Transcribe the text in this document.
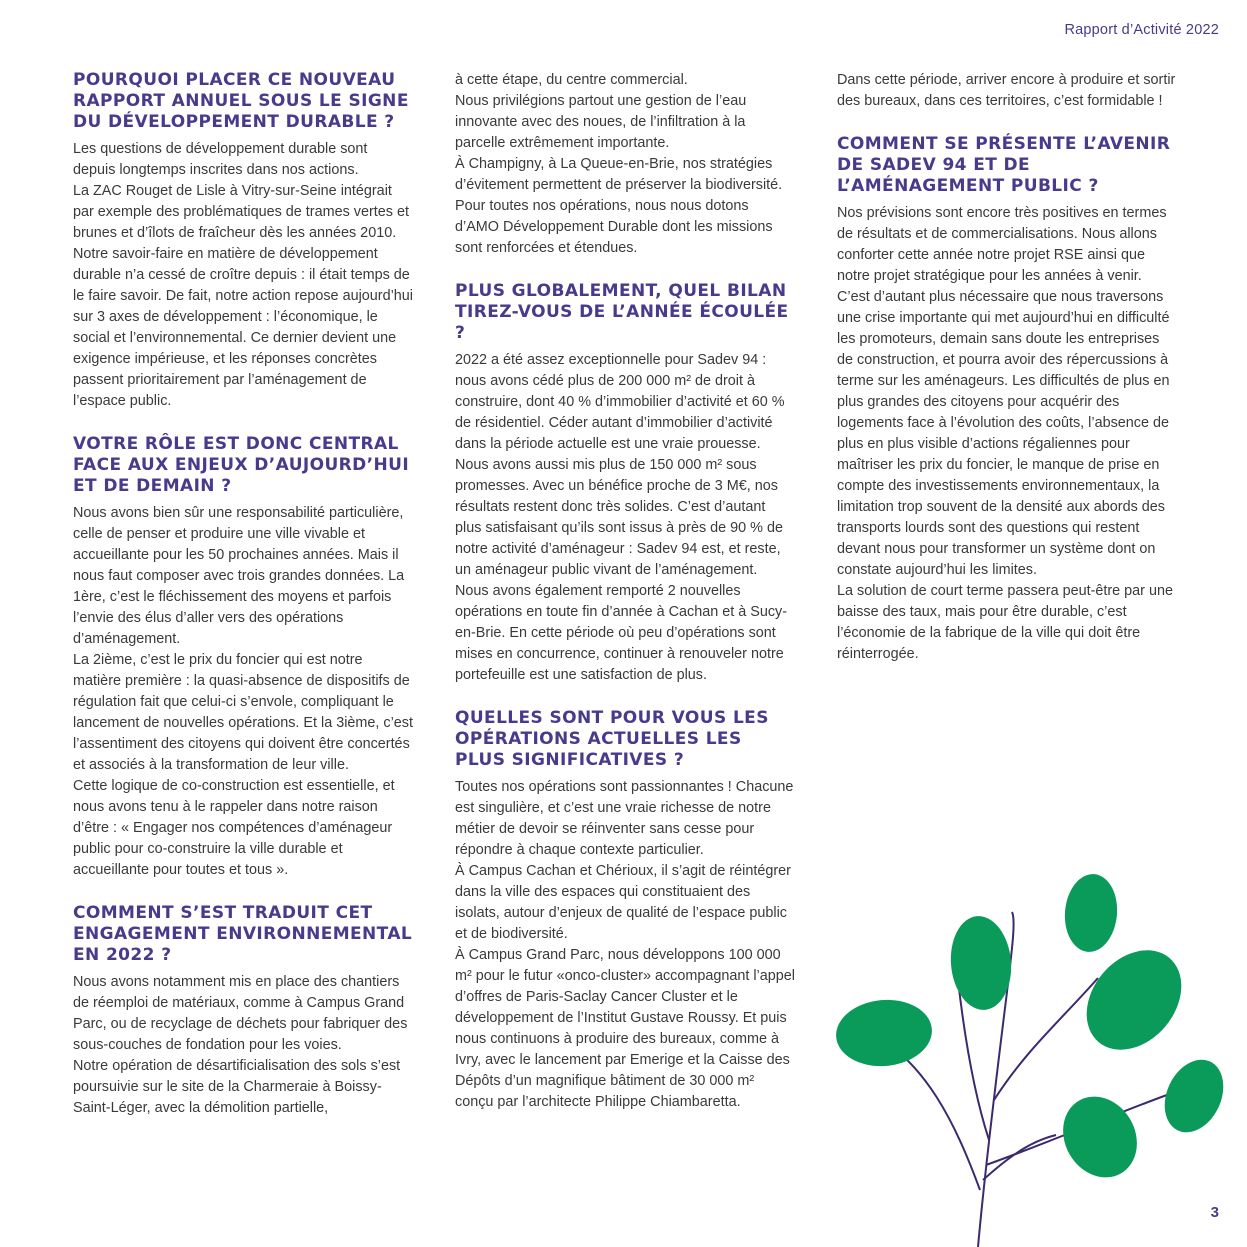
Rapport d’Activité 2022
POURQUOI PLACER CE NOUVEAU RAPPORT ANNUEL SOUS LE SIGNE DU DÉVELOPPEMENT DURABLE ?

Les questions de développement durable sont depuis longtemps inscrites dans nos actions.

La ZAC Rouget de Lisle à Vitry-sur-Seine intégrait par exemple des problématiques de trames vertes et brunes et d’îlots de fraîcheur dès les années 2010. Notre savoir-faire en matière de développement durable n’a cessé de croître depuis : il était temps de le faire savoir. De fait, notre action repose aujourd’hui sur 3 axes de développement : l’économique, le social et l’environnemental. Ce dernier devient une exigence impérieuse, et les réponses concrètes passent prioritairement par l’aménagement de l’espace public.

VOTRE RÔLE EST DONC CENTRAL FACE AUX ENJEUX D’AUJOURD’HUI ET DE DEMAIN ?

Nous avons bien sûr une responsabilité particulière, celle de penser et produire une ville vivable et accueillante pour les 50 prochaines années. Mais il nous faut composer avec trois grandes données. La 1ère, c’est le fléchissement des moyens et parfois l’envie des élus d’aller vers des opérations d’aménagement.

La 2ième, c’est le prix du foncier qui est notre matière première : la quasi-absence de dispositifs de régulation fait que celui-ci s’envole, compliquant le lancement de nouvelles opérations. Et la 3ième, c’est l’assentiment des citoyens qui doivent être concertés et associés à la transformation de leur ville.

Cette logique de co-construction est essentielle, et nous avons tenu à le rappeler dans notre raison d’être : « Engager nos compétences d’aménageur public pour co-construire la ville durable et accueillante pour toutes et tous ».

COMMENT S’EST TRADUIT CET ENGAGEMENT ENVIRONNEMENTAL EN 2022 ?

Nous avons notamment mis en place des chantiers de réemploi de matériaux, comme à Campus Grand Parc, ou de recyclage de déchets pour fabriquer des sous-couches de fondation pour les voies.

Notre opération de désartificialisation des sols s’est poursuivie sur le site de la Charmeraie à Boissy-Saint-Léger, avec la démolition partielle,

à cette étape, du centre commercial.

Nous privilégions partout une gestion de l’eau innovante avec des noues, de l’infiltration à la parcelle extrêmement importante.

À Champigny, à La Queue-en-Brie, nos stratégies d’évitement permettent de préserver la biodiversité. Pour toutes nos opérations, nous nous dotons d’AMO Développement Durable dont les missions sont renforcées et étendues.

PLUS GLOBALEMENT, QUEL BILAN TIREZ-VOUS DE L’ANNÉE ÉCOULÉE ?

2022 a été assez exceptionnelle pour Sadev 94 : nous avons cédé plus de 200 000 m² de droit à construire, dont 40 % d’immobilier d’activité et 60 % de résidentiel. Céder autant d’immobilier d’activité dans la période actuelle est une vraie prouesse. Nous avons aussi mis plus de 150 000 m² sous promesses. Avec un bénéfice proche de 3 M€, nos résultats restent donc très solides. C’est d’autant plus satisfaisant qu’ils sont issus à près de 90 % de notre activité d’aménageur : Sadev 94 est, et reste, un aménageur public vivant de l’aménagement.

Nous avons également remporté 2 nouvelles opérations en toute fin d’année à Cachan et à Sucy-en-Brie. En cette période où peu d’opérations sont mises en concurrence, continuer à renouveler notre portefeuille est une satisfaction de plus.

QUELLES SONT POUR VOUS LES OPÉRATIONS ACTUELLES LES PLUS SIGNIFICATIVES ?

Toutes nos opérations sont passionnantes ! Chacune est singulière, et c’est une vraie richesse de notre métier de devoir se réinventer sans cesse pour répondre à chaque contexte particulier.

À Campus Cachan et Chérioux, il s’agit de réintégrer dans la ville des espaces qui constituaient des isolats, autour d’enjeux de qualité de l’espace public et de biodiversité.

À Campus Grand Parc, nous développons 100 000 m² pour le futur «onco-cluster» accompagnant l’appel d’offres de Paris-Saclay Cancer Cluster et le développement de l’Institut Gustave Roussy. Et puis nous continuons à produire des bureaux, comme à Ivry, avec le lancement par Emerige et la Caisse des Dépôts d’un magnifique bâtiment de 30 000 m² conçu par l’architecte Philippe Chiambaretta.

Dans cette période, arriver encore à produire et sortir des bureaux, dans ces territoires, c’est formidable !

COMMENT SE PRÉSENTE L’AVENIR DE SADEV 94 ET DE L’AMÉNAGEMENT PUBLIC ?

Nos prévisions sont encore très positives en termes de résultats et de commercialisations. Nous allons conforter cette année notre projet RSE ainsi que notre projet stratégique pour les années à venir. C’est d’autant plus nécessaire que nous traversons une crise importante qui met aujourd’hui en difficulté les promoteurs, demain sans doute les entreprises de construction, et pourra avoir des répercussions à terme sur les aménageurs. Les difficultés de plus en plus grandes des citoyens pour acquérir des logements face à l’évolution des coûts, l’absence de plus en plus visible d’actions régaliennes pour maîtriser les prix du foncier, le manque de prise en compte des investissements environnementaux, la limitation trop souvent de la densité aux abords des transports lourds sont des questions qui restent devant nous pour transformer un système dont on constate aujourd’hui les limites.

La solution de court terme passera peut-être par une baisse des taux, mais pour être durable, c’est l’économie de la fabrique de la ville qui doit être réinterrogée.

3
